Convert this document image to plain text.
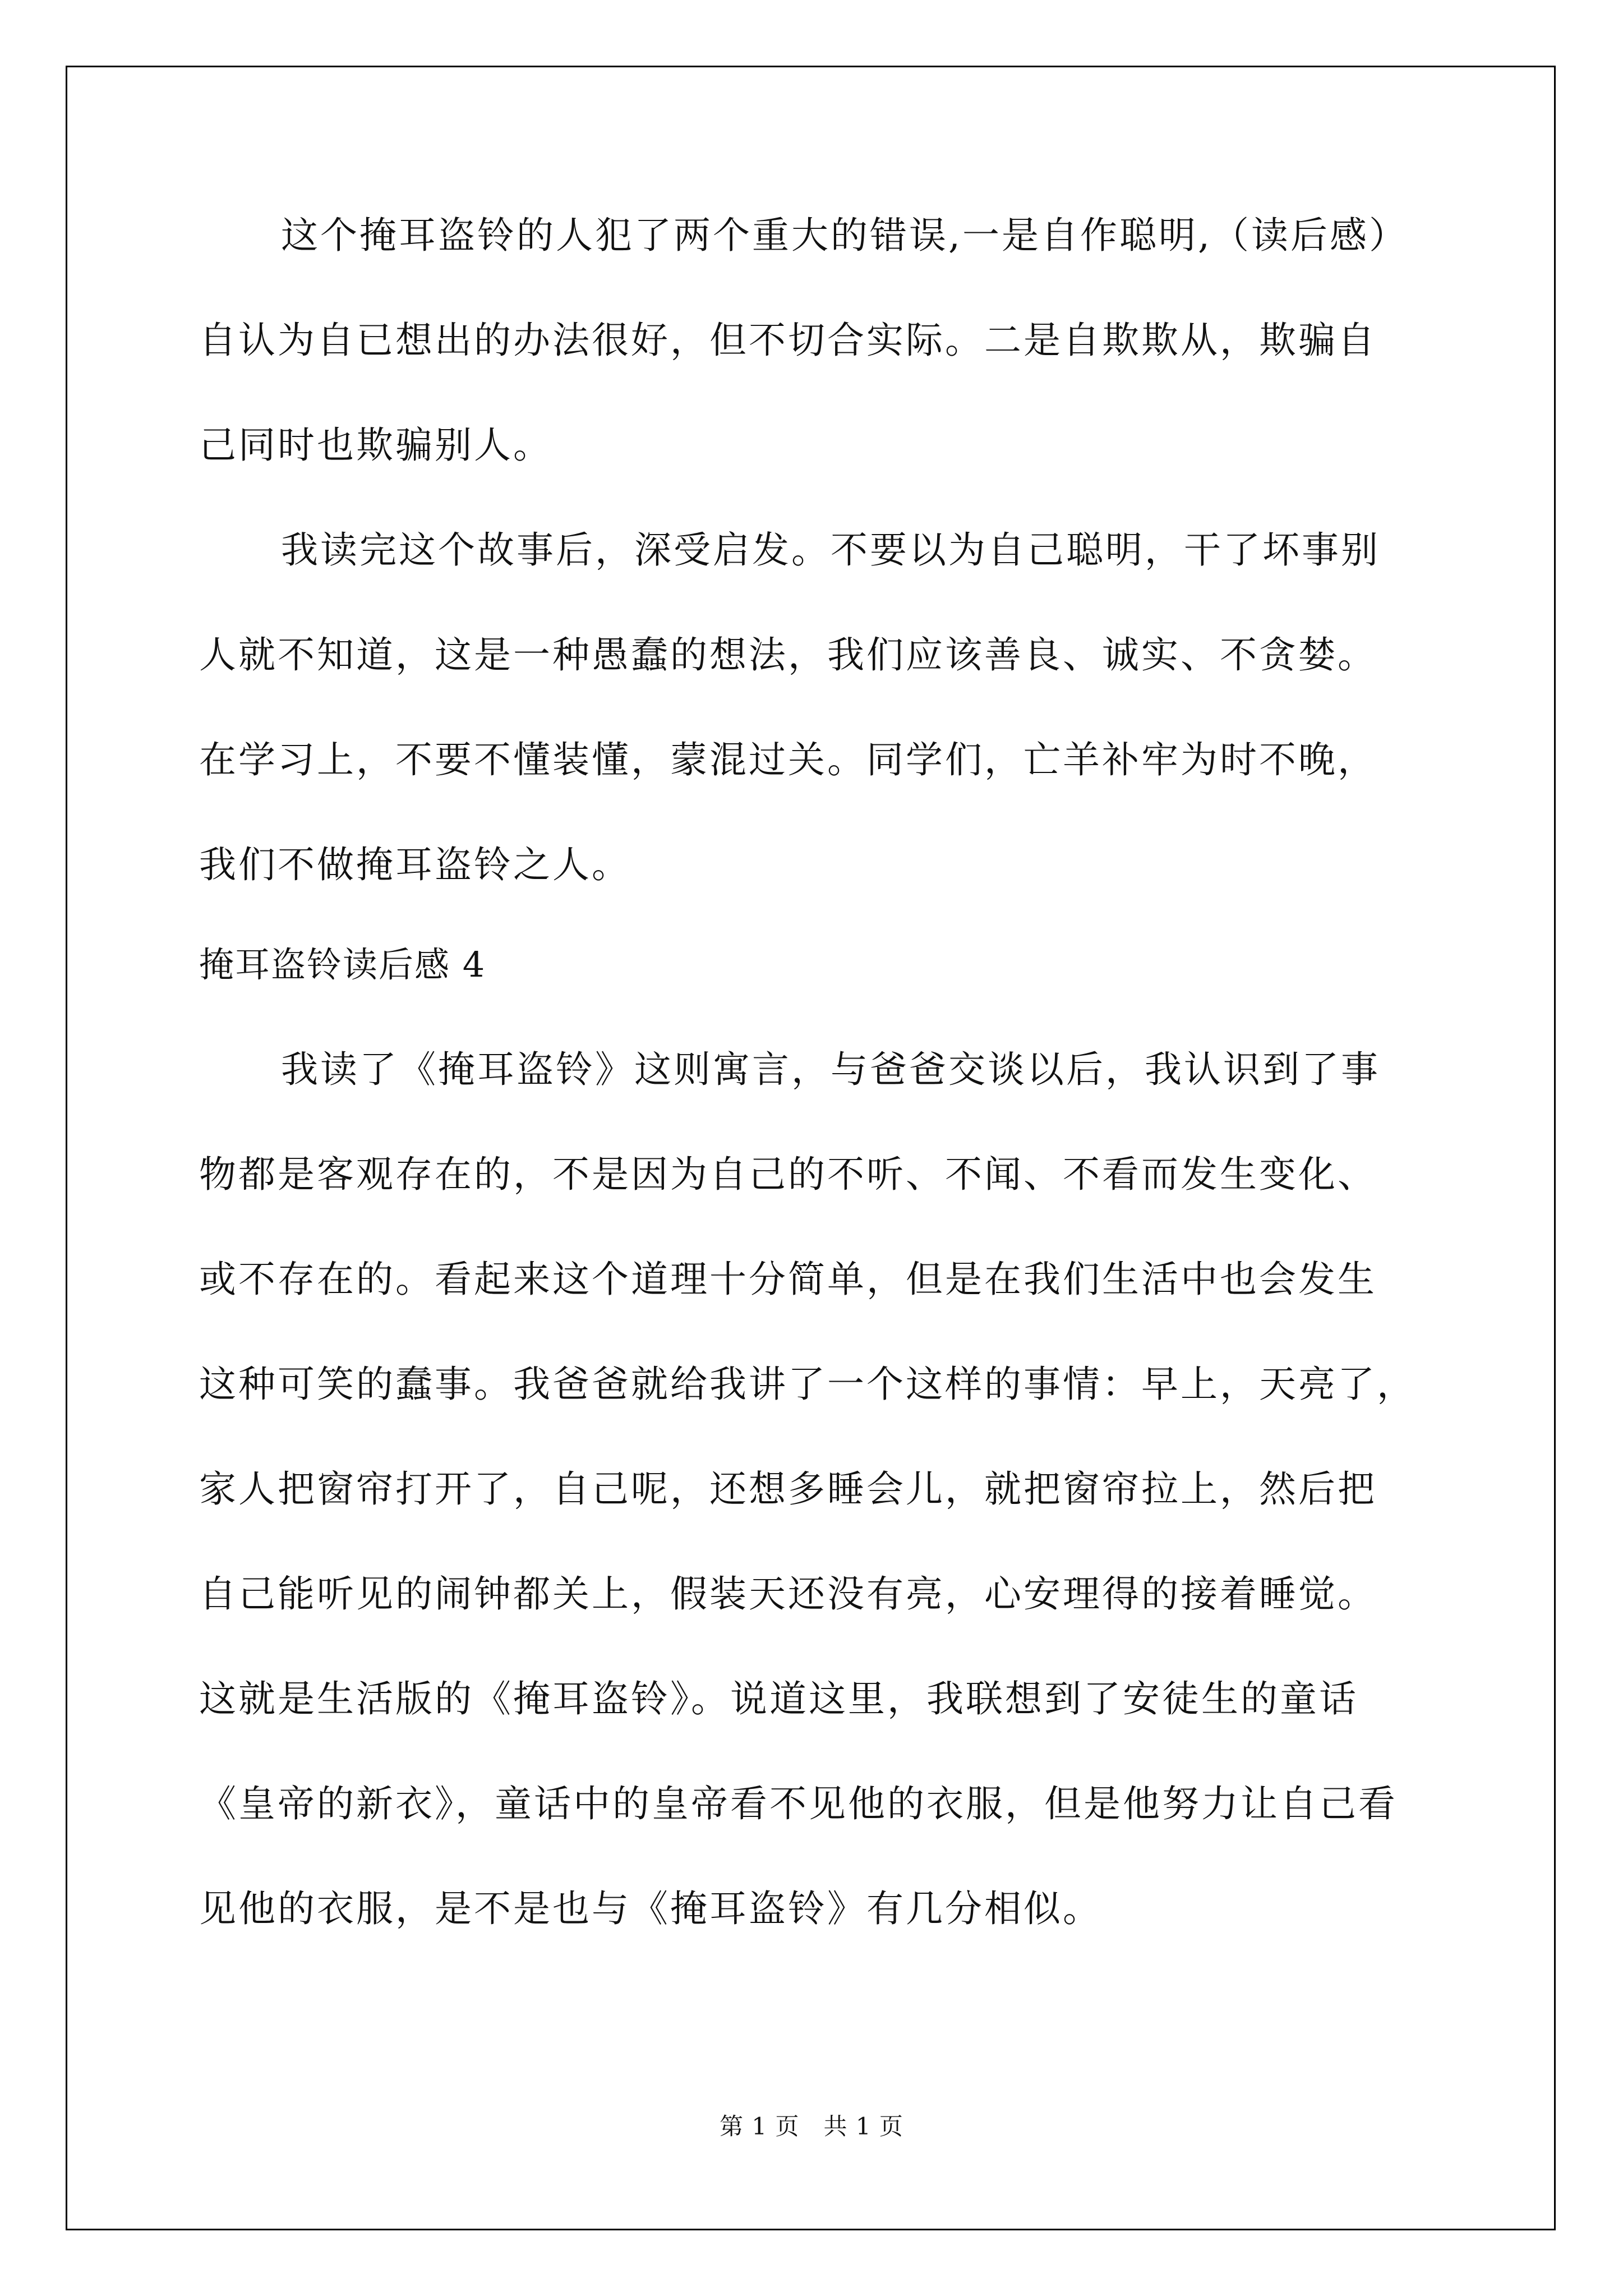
这个掩耳盗铃的人犯了两个重大的错误,一是自作聪明,（读后感）
自认为自已想出的办法很好，但不切合实际。二是自欺欺从，欺骗自
己同时也欺骗别人。
我读完这个故事后，深受启发。不要以为自己聪明，干了坏事别
人就不知道，这是一种愚蠢的想法，我们应该善良、诚实、不贪婪。
在学习上，不要不懂装懂，蒙混过关。同学们，亡羊补牢为时不晚，
我们不做掩耳盗铃之人。
掩耳盗铃读后感 4
我读了《掩耳盗铃》这则寓言，与爸爸交谈以后，我认识到了事
物都是客观存在的，不是因为自己的不听、不闻、不看而发生变化、
或不存在的。看起来这个道理十分简单，但是在我们生活中也会发生
这种可笑的蠢事。我爸爸就给我讲了一个这样的事情：早上，天亮了，
家人把窗帘打开了，自己呢，还想多睡会儿，就把窗帘拉上，然后把
自己能听见的闹钟都关上，假装天还没有亮，心安理得的接着睡觉。
这就是生活版的《掩耳盗铃》。说道这里，我联想到了安徒生的童话
《皇帝的新衣》，童话中的皇帝看不见他的衣服，但是他努力让自己看
见他的衣服，是不是也与《掩耳盗铃》有几分相似。
第 1 页　共 1 页
